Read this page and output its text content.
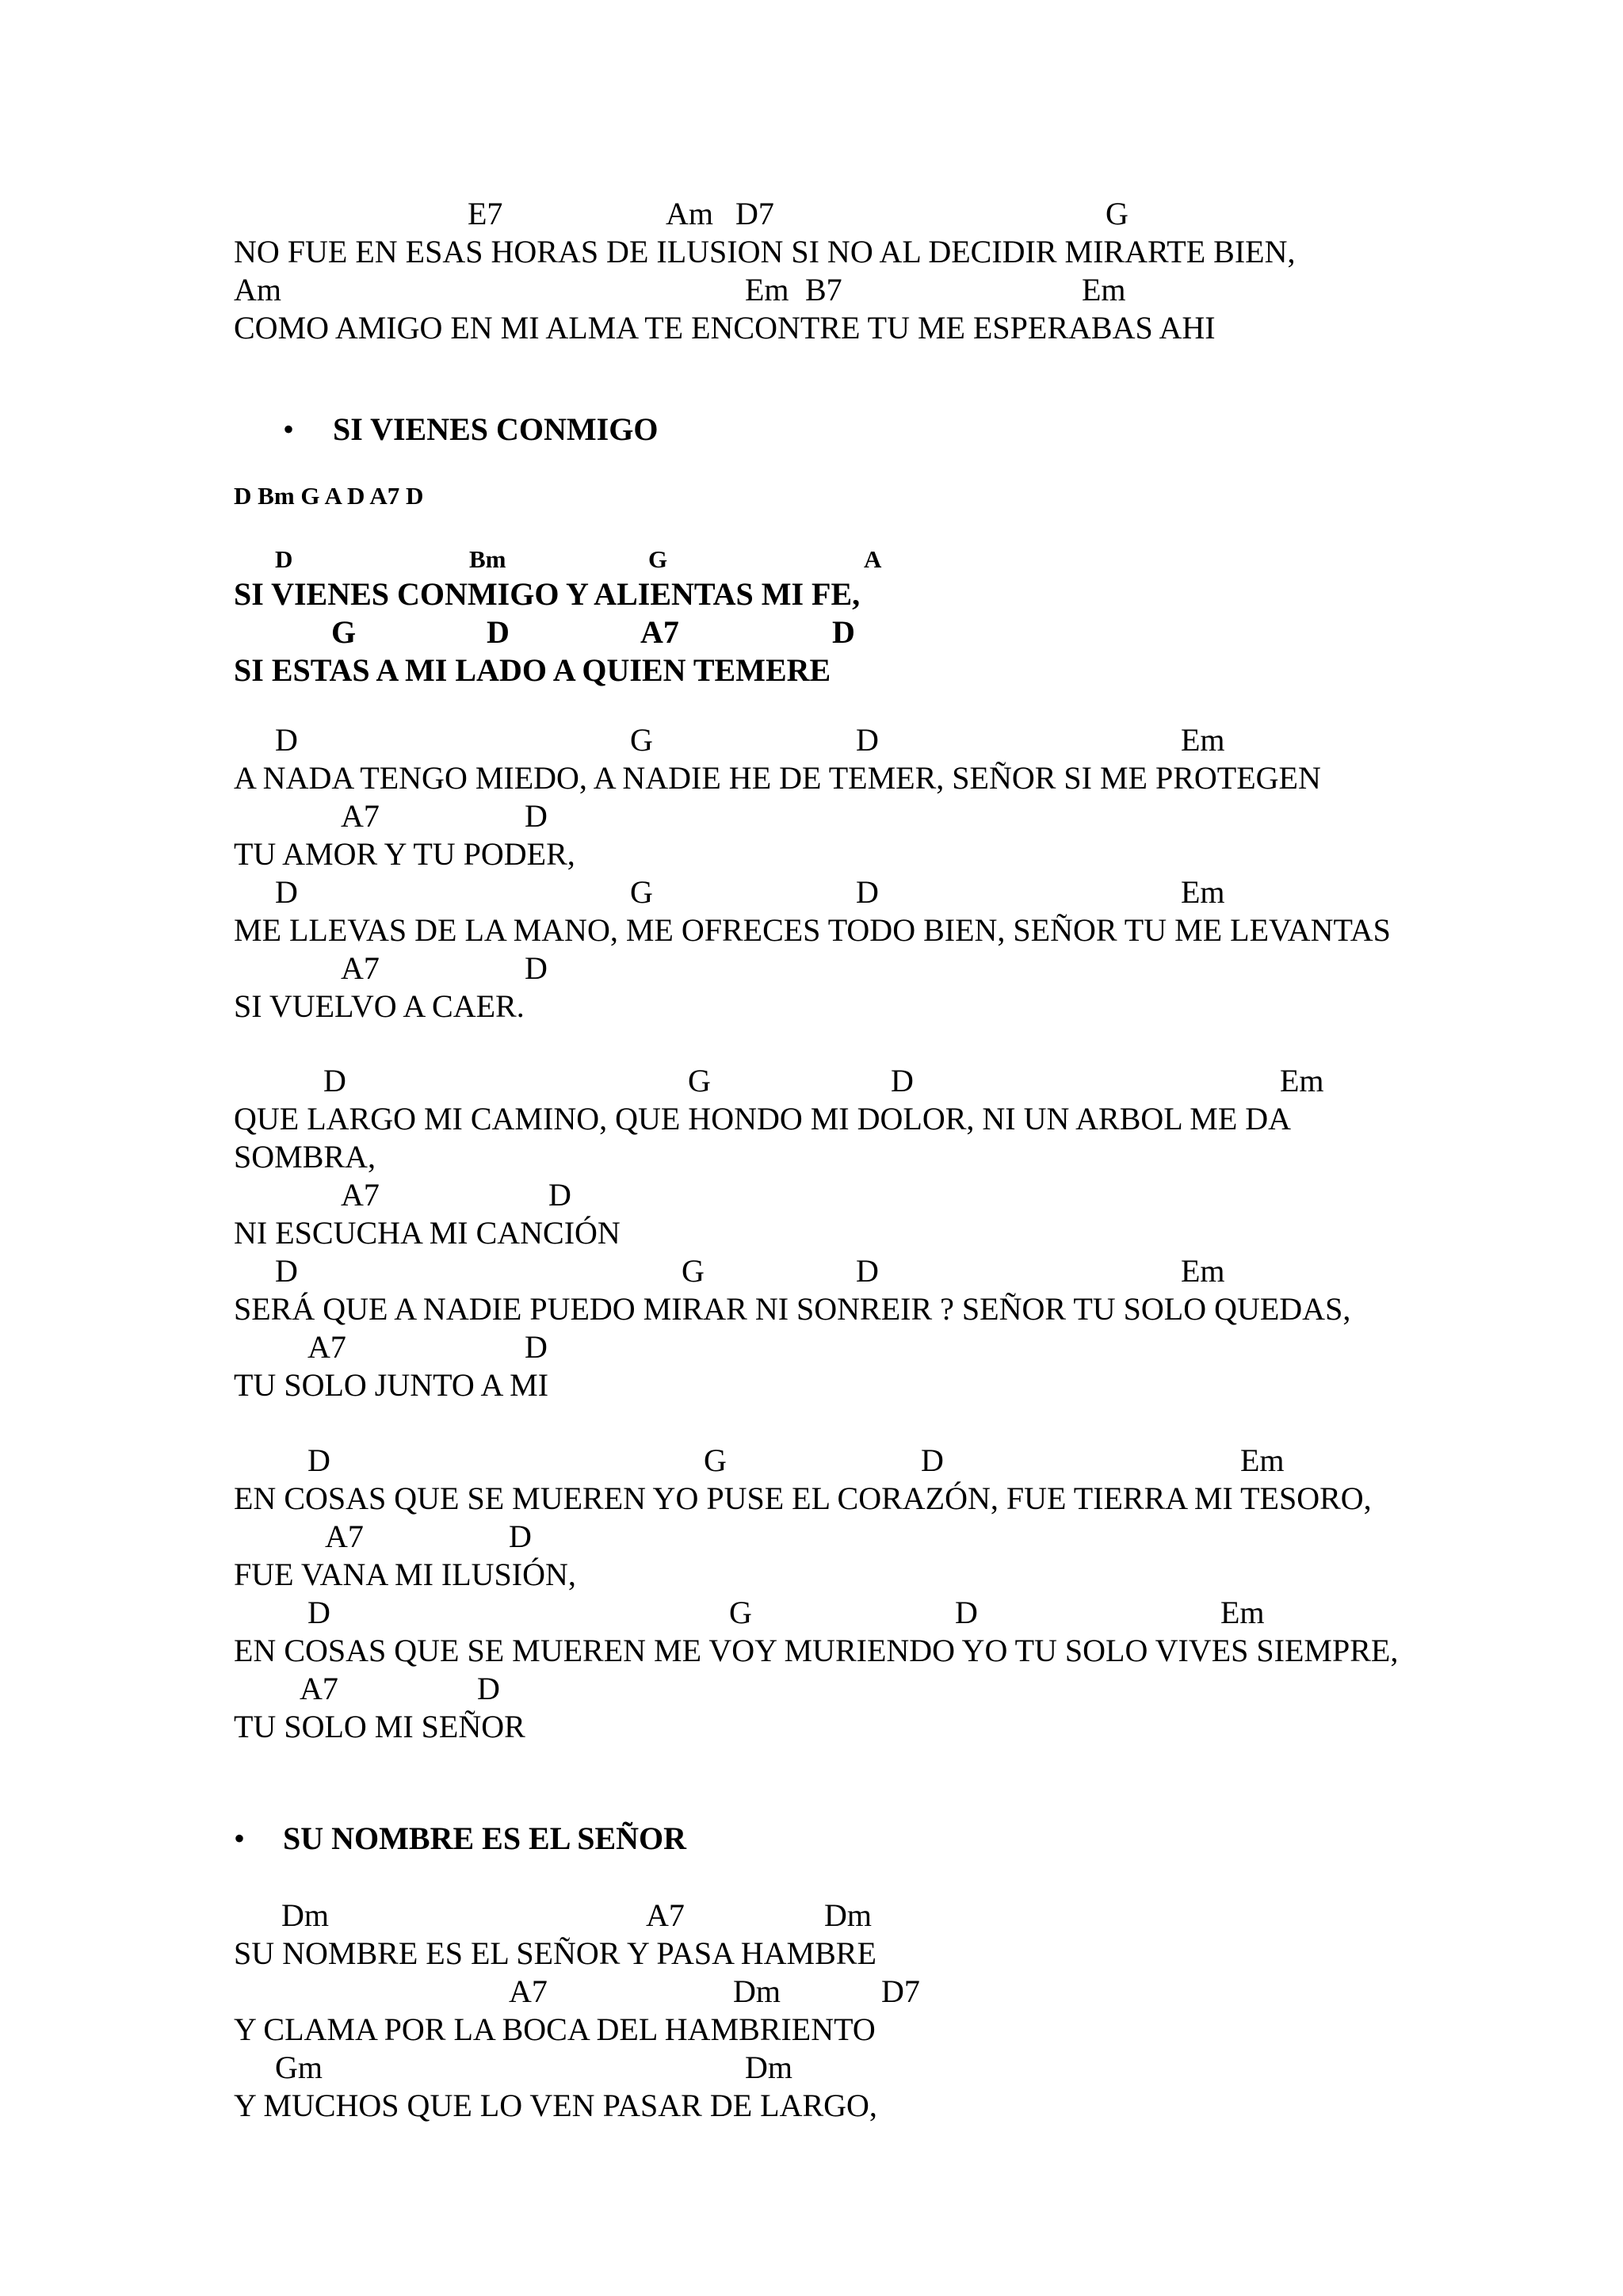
E7	Am D7	G
NO FUE EN ESAS HORAS DE ILUSION SI NO AL DECIDIR MIRARTE BIEN,
Am	Em B7	Em
COMO AMIGO EN MI ALMA TE ENCONTRE TU ME ESPERABAS AHI
• SI VIENES CONMIGO
D Bm G A D A7 D
D	Bm	G	A
SI VIENES CONMIGO Y ALIENTAS MI FE,
G	D	A7	D
SI ESTAS A MI LADO A QUIEN TEMERE
D	G	D	Em
A NADA TENGO MIEDO, A NADIE HE DE TEMER, SEÑOR SI ME PROTEGEN
A7	D
TU AMOR Y TU PODER,
D	G	D	Em
ME LLEVAS DE LA MANO, ME OFRECES TODO BIEN, SEÑOR TU ME LEVANTAS
A7	D
SI VUELVO A CAER.
D	G	D	Em
QUE LARGO MI CAMINO, QUE HONDO MI DOLOR, NI UN ARBOL ME DA
SOMBRA,
A7	D
NI ESCUCHA MI CANCIÓN
D	G	D	Em
SERÁ QUE A NADIE PUEDO MIRAR NI SONREIR ? SEÑOR TU SOLO QUEDAS,
A7	D
TU SOLO JUNTO A MI
D	G	D	Em
EN COSAS QUE SE MUEREN YO PUSE EL CORAZÓN, FUE TIERRA MI TESORO,
A7	D
FUE VANA MI ILUSIÓN,
D	G	D	Em
EN COSAS QUE SE MUEREN ME VOY MURIENDO YO TU SOLO VIVES SIEMPRE,
A7	D
TU SOLO MI SEÑOR
• SU NOMBRE ES EL SEÑOR
Dm	A7	Dm
SU NOMBRE ES EL SEÑOR Y PASA HAMBRE
A7	Dm	D7
Y CLAMA POR LA BOCA DEL HAMBRIENTO
Gm	Dm
Y MUCHOS QUE LO VEN PASAR DE LARGO,
